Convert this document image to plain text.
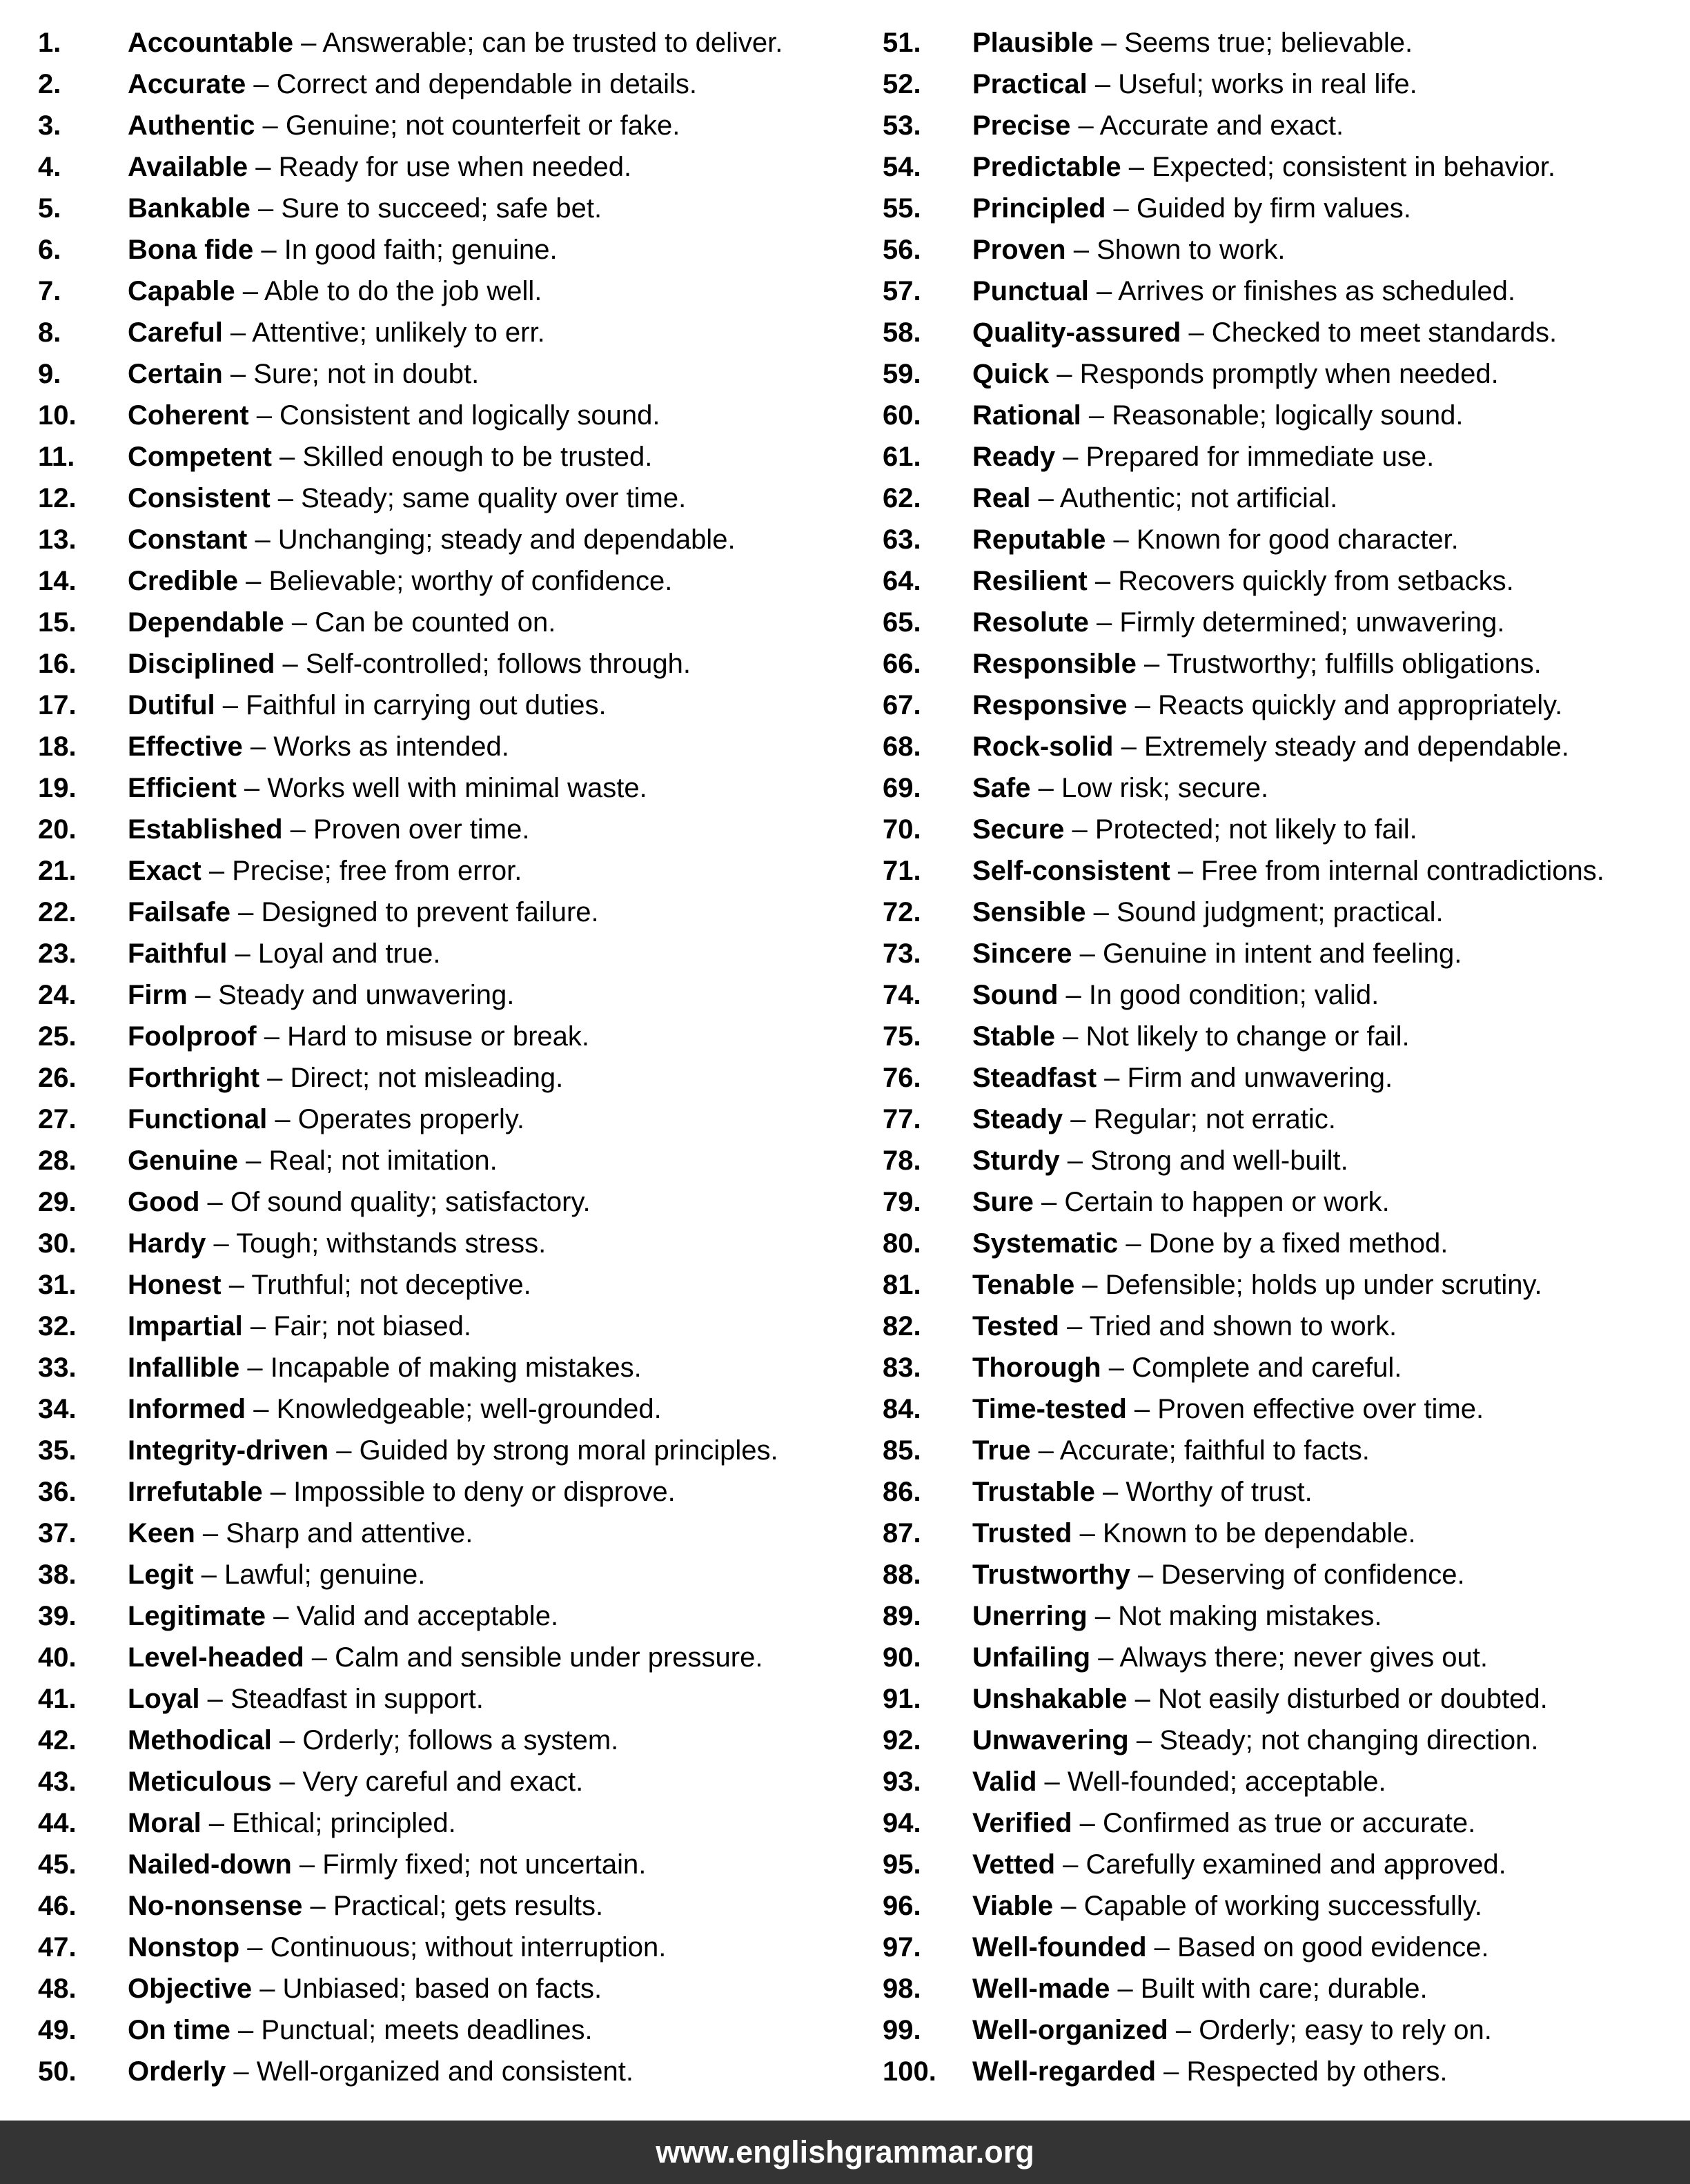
1.	Accountable – Answerable; can be trusted to deliver.
2.	Accurate – Correct and dependable in details.
3.	Authentic – Genuine; not counterfeit or fake.
4.	Available – Ready for use when needed.
5.	Bankable – Sure to succeed; safe bet.
6.	Bona fide – In good faith; genuine.
7.	Capable – Able to do the job well.
8.	Careful – Attentive; unlikely to err.
9.	Certain – Sure; not in doubt.
10.	Coherent – Consistent and logically sound.
11.	Competent – Skilled enough to be trusted.
12.	Consistent – Steady; same quality over time.
13.	Constant – Unchanging; steady and dependable.
14.	Credible – Believable; worthy of confidence.
15.	Dependable – Can be counted on.
16.	Disciplined – Self-controlled; follows through.
17.	Dutiful – Faithful in carrying out duties.
18.	Effective – Works as intended.
19.	Efficient – Works well with minimal waste.
20.	Established – Proven over time.
21.	Exact – Precise; free from error.
22.	Failsafe – Designed to prevent failure.
23.	Faithful – Loyal and true.
24.	Firm – Steady and unwavering.
25.	Foolproof – Hard to misuse or break.
26.	Forthright – Direct; not misleading.
27.	Functional – Operates properly.
28.	Genuine – Real; not imitation.
29.	Good – Of sound quality; satisfactory.
30.	Hardy – Tough; withstands stress.
31.	Honest – Truthful; not deceptive.
32.	Impartial – Fair; not biased.
33.	Infallible – Incapable of making mistakes.
34.	Informed – Knowledgeable; well-grounded.
35.	Integrity-driven – Guided by strong moral principles.
36.	Irrefutable – Impossible to deny or disprove.
37.	Keen – Sharp and attentive.
38.	Legit – Lawful; genuine.
39.	Legitimate – Valid and acceptable.
40.	Level-headed – Calm and sensible under pressure.
41.	Loyal – Steadfast in support.
42.	Methodical – Orderly; follows a system.
43.	Meticulous – Very careful and exact.
44.	Moral – Ethical; principled.
45.	Nailed-down – Firmly fixed; not uncertain.
46.	No-nonsense – Practical; gets results.
47.	Nonstop – Continuous; without interruption.
48.	Objective – Unbiased; based on facts.
49.	On time – Punctual; meets deadlines.
50.	Orderly – Well-organized and consistent.
51.	Plausible – Seems true; believable.
52.	Practical – Useful; works in real life.
53.	Precise – Accurate and exact.
54.	Predictable – Expected; consistent in behavior.
55.	Principled – Guided by firm values.
56.	Proven – Shown to work.
57.	Punctual – Arrives or finishes as scheduled.
58.	Quality-assured – Checked to meet standards.
59.	Quick – Responds promptly when needed.
60.	Rational – Reasonable; logically sound.
61.	Ready – Prepared for immediate use.
62.	Real – Authentic; not artificial.
63.	Reputable – Known for good character.
64.	Resilient – Recovers quickly from setbacks.
65.	Resolute – Firmly determined; unwavering.
66.	Responsible – Trustworthy; fulfills obligations.
67.	Responsive – Reacts quickly and appropriately.
68.	Rock-solid – Extremely steady and dependable.
69.	Safe – Low risk; secure.
70.	Secure – Protected; not likely to fail.
71.	Self-consistent – Free from internal contradictions.
72.	Sensible – Sound judgment; practical.
73.	Sincere – Genuine in intent and feeling.
74.	Sound – In good condition; valid.
75.	Stable – Not likely to change or fail.
76.	Steadfast – Firm and unwavering.
77.	Steady – Regular; not erratic.
78.	Sturdy – Strong and well-built.
79.	Sure – Certain to happen or work.
80.	Systematic – Done by a fixed method.
81.	Tenable – Defensible; holds up under scrutiny.
82.	Tested – Tried and shown to work.
83.	Thorough – Complete and careful.
84.	Time-tested – Proven effective over time.
85.	True – Accurate; faithful to facts.
86.	Trustable – Worthy of trust.
87.	Trusted – Known to be dependable.
88.	Trustworthy – Deserving of confidence.
89.	Unerring – Not making mistakes.
90.	Unfailing – Always there; never gives out.
91.	Unshakable – Not easily disturbed or doubted.
92.	Unwavering – Steady; not changing direction.
93.	Valid – Well-founded; acceptable.
94.	Verified – Confirmed as true or accurate.
95.	Vetted – Carefully examined and approved.
96.	Viable – Capable of working successfully.
97.	Well-founded – Based on good evidence.
98.	Well-made – Built with care; durable.
99.	Well-organized – Orderly; easy to rely on.
100.	Well-regarded – Respected by others.
www.englishgrammar.org
